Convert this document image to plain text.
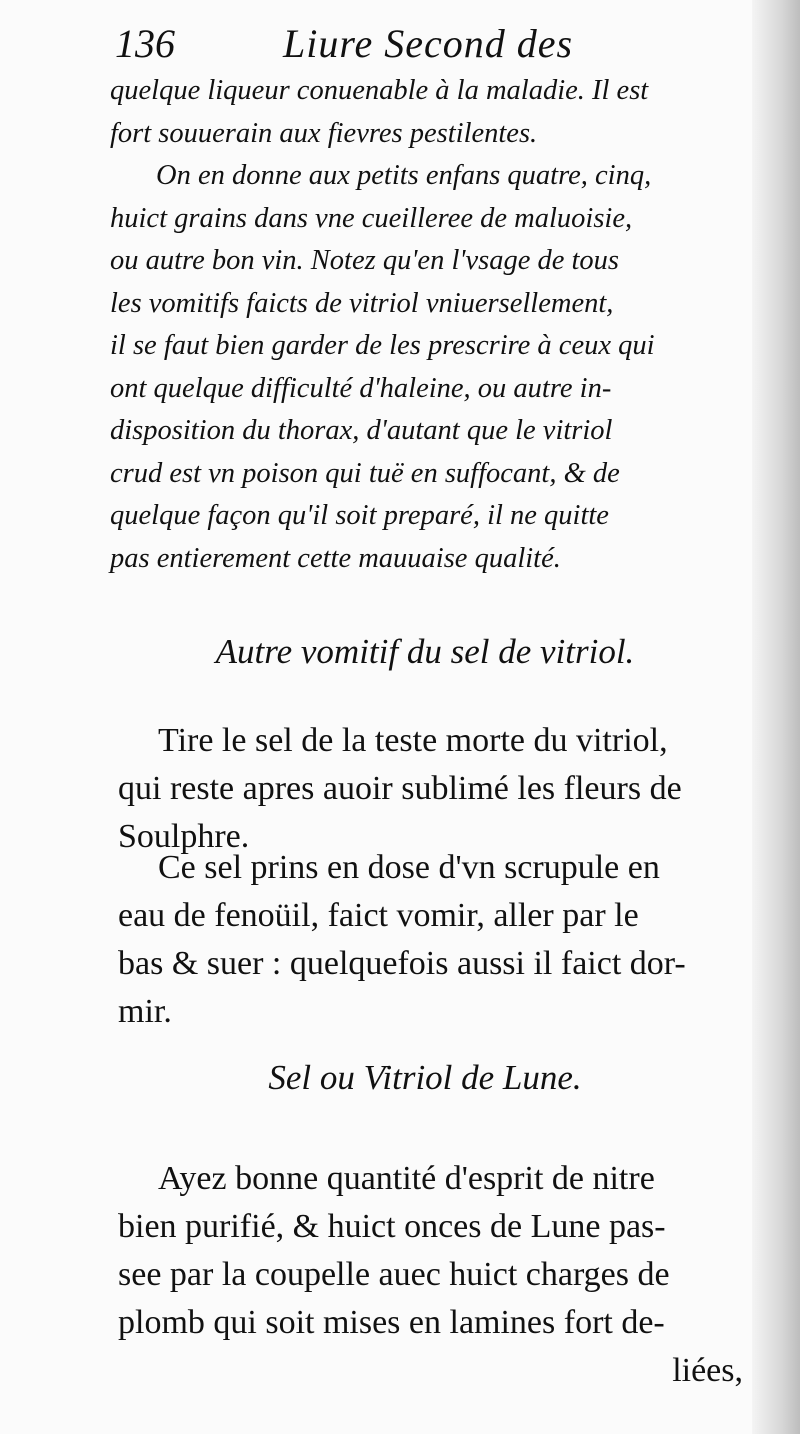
136	Liure Second des
quelque liqueur conuenable à la maladie. Il est
fort souuerain aux fievres pestilentes.
On en donne aux petits enfans quatre, cinq,
huict grains dans vne cueilleree de maluoisie,
ou autre bon vin. Notez qu'en l'vsage de tous
les vomitifs faicts de vitriol vniuersellement,
il se faut bien garder de les prescrire à ceux qui
ont quelque difficulté d'haleine, ou autre in-
disposition du thorax, d'autant que le vitriol
crud est vn poison qui tuë en suffocant, & de
quelque façon qu'il soit preparé, il ne quitte
pas entierement cette mauuaise qualité.
Autre vomitif du sel de vitriol.
Tire le sel de la teste morte du vitriol,
qui reste apres auoir sublimé les fleurs de
Soulphre.
Ce sel prins en dose d'vn scrupule en
eau de fenoüil, faict vomir, aller par le
bas & suer : quelquefois aussi il faict dor-
mir.
Sel ou Vitriol de Lune.
Ayez bonne quantité d'esprit de nitre
bien purifié, & huict onces de Lune pas-
see par la coupelle auec huict charges de
plomb qui soit mises en lamines fort de-
liées,
